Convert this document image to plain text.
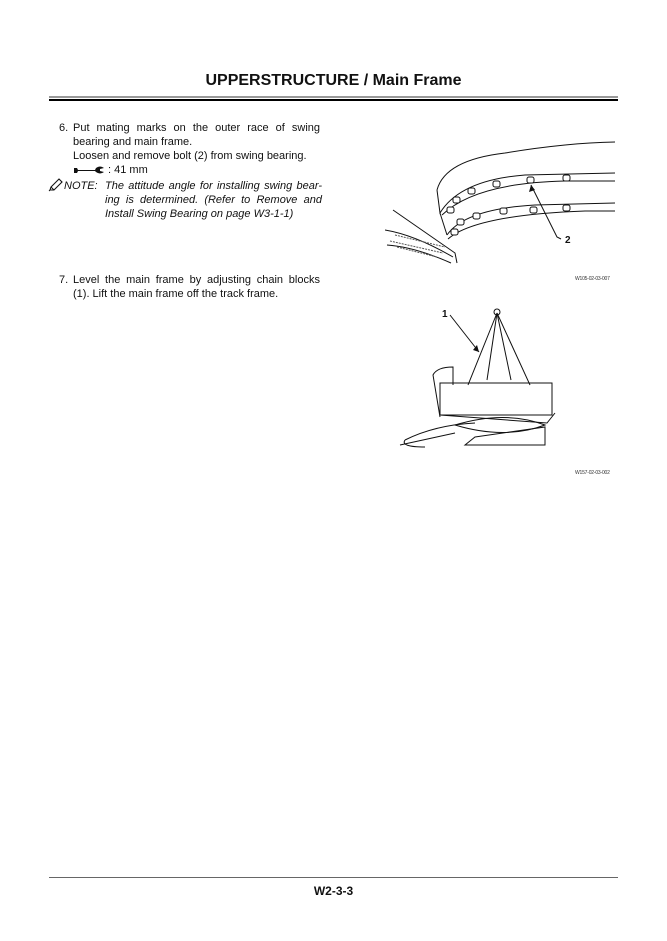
UPPERSTRUCTURE / Main Frame
6. Put mating marks on the outer race of swing bearing and main frame.
Loosen and remove bolt (2) from swing bearing.
: 41 mm
NOTE: The attitude angle for installing swing bear-ing is determined. (Refer to Remove and Install Swing Bearing on page W3-1-1)
7. Level the main frame by adjusting chain blocks (1). Lift the main frame off the track frame.
2
W105-02-03-007
1
W157-02-03-002
W2-3-3
